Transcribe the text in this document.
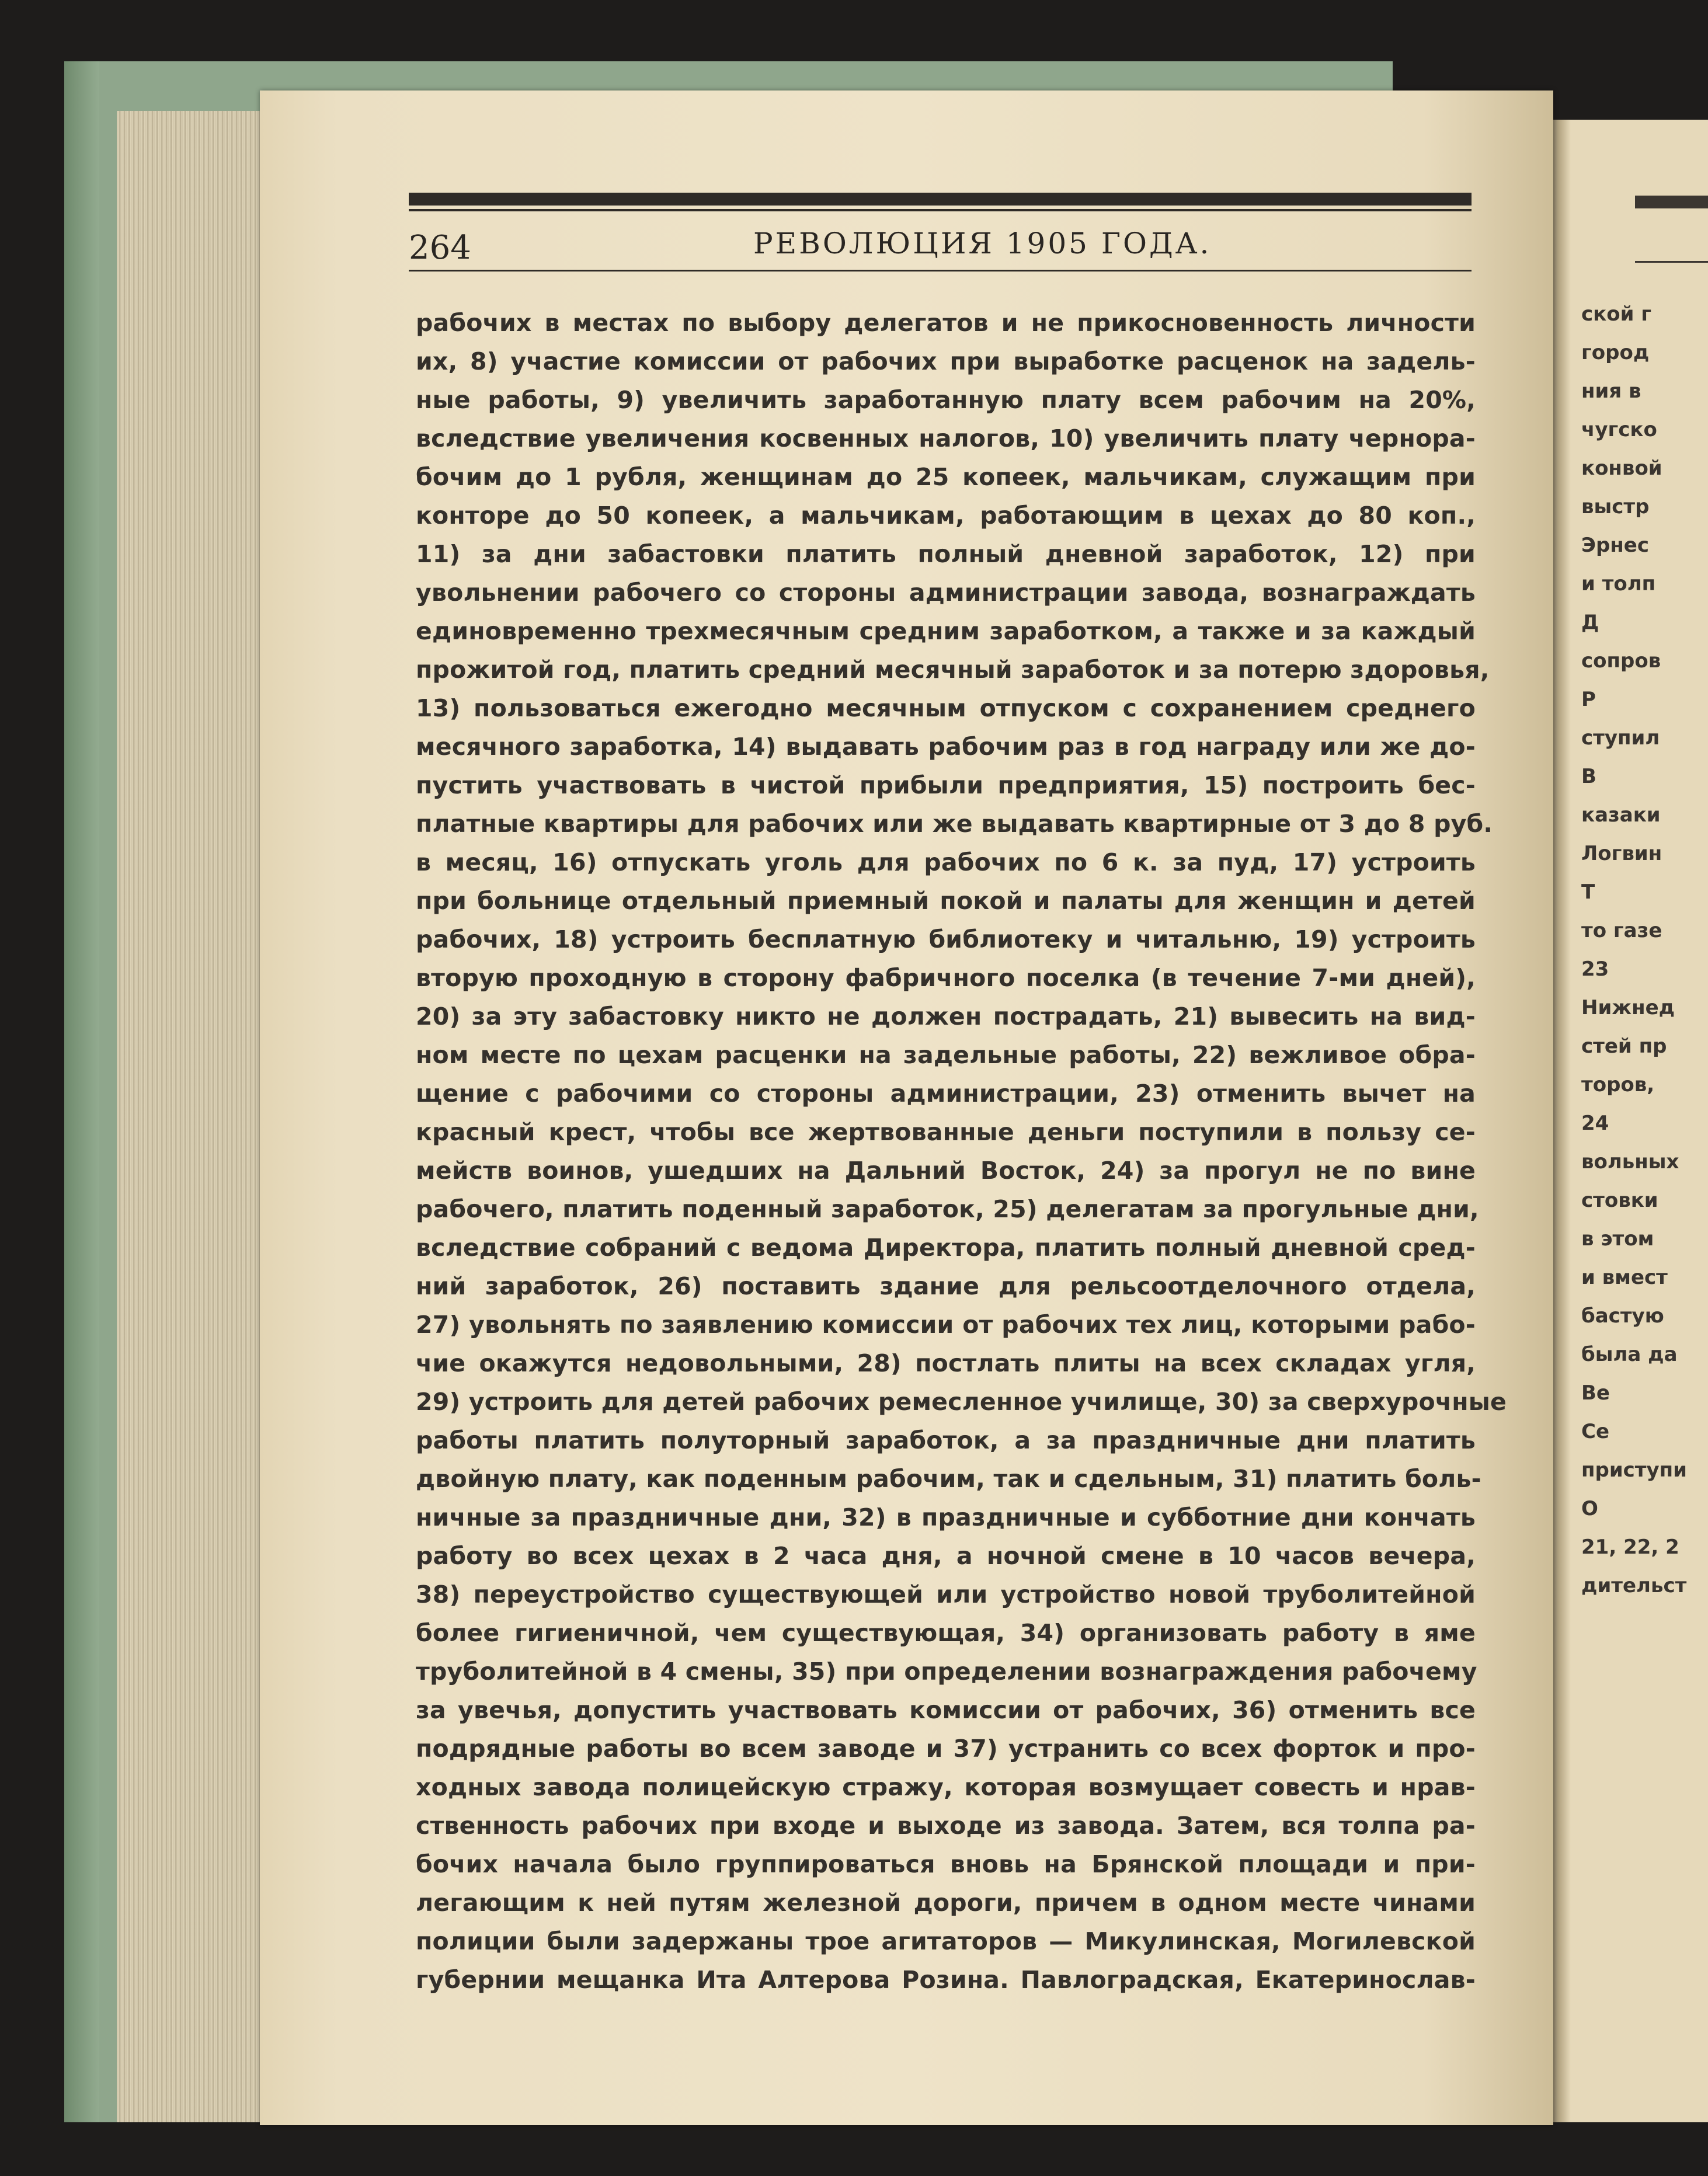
ской г
город
ния в
чугско
конвой
выстр
Эрнес
и толп
Д
сопров
Р
ступил
В
казаки
Логвин
Т
то газе
23
Нижнед
стей пр
торов,
24
вольных
стовки
в этом
и вмест
бастую
была да
Ве
Се
приступи
О
21, 22, 2
дительст
264	РЕВОЛЮЦИЯ 1905 ГОДА.
рабочих в местах по выбору делегатов и не прикосновенность личности
их, 8) участие комиссии от рабочих при выработке расценок на задель-
ные работы, 9) увеличить заработанную плату всем рабочим на 20%,
вследствие увеличения косвенных налогов, 10) увеличить плату чернора-
бочим до 1 рубля, женщинам до 25 копеек, мальчикам, служащим при
конторе до 50 копеек, а мальчикам, работающим в цехах до 80 коп.,
11) за дни забастовки платить полный дневной заработок, 12) при
увольнении рабочего со стороны администрации завода, вознаграждать
единовременно трехмесячным средним заработком, а также и за каждый
прожитой год, платить средний месячный заработок и за потерю здоровья,
13) пользоваться ежегодно месячным отпуском с сохранением среднего
месячного заработка, 14) выдавать рабочим раз в год награду или же до-
пустить участвовать в чистой прибыли предприятия, 15) построить бес-
платные квартиры для рабочих или же выдавать квартирные от 3 до 8 руб.
в месяц, 16) отпускать уголь для рабочих по 6 к. за пуд, 17) устроить
при больнице отдельный приемный покой и палаты для женщин и детей
рабочих, 18) устроить бесплатную библиотеку и читальню, 19) устроить
вторую проходную в сторону фабричного поселка (в течение 7-ми дней),
20) за эту забастовку никто не должен пострадать, 21) вывесить на вид-
ном месте по цехам расценки на задельные работы, 22) вежливое обра-
щение с рабочими со стороны администрации, 23) отменить вычет на
красный крест, чтобы все жертвованные деньги поступили в пользу се-
мейств воинов, ушедших на Дальний Восток, 24) за прогул не по вине
рабочего, платить поденный заработок, 25) делегатам за прогульные дни,
вследствие собраний с ведома Директора, платить полный дневной сред-
ний заработок, 26) поставить здание для рельсоотделочного отдела,
27) увольнять по заявлению комиссии от рабочих тех лиц, которыми рабо-
чие окажутся недовольными, 28) постлать плиты на всех складах угля,
29) устроить для детей рабочих ремесленное училище, 30) за сверхурочные
работы платить полуторный заработок, а за праздничные дни платить
двойную плату, как поденным рабочим, так и сдельным, 31) платить боль-
ничные за праздничные дни, 32) в праздничные и субботние дни кончать
работу во всех цехах в 2 часа дня, а ночной смене в 10 часов вечера,
38) переустройство существующей или устройство новой труболитейной
более гигиеничной, чем существующая, 34) организовать работу в яме
труболитейной в 4 смены, 35) при определении вознаграждения рабочему
за увечья, допустить участвовать комиссии от рабочих, 36) отменить все
подрядные работы во всем заводе и 37) устранить со всех форток и про-
ходных завода полицейскую стражу, которая возмущает совесть и нрав-
ственность рабочих при входе и выходе из завода. Затем, вся толпа ра-
бочих начала было группироваться вновь на Брянской площади и при-
легающим к ней путям железной дороги, причем в одном месте чинами
полиции были задержаны трое агитаторов — Микулинская, Могилевской
губернии мещанка Ита Алтерова Розина. Павлоградская, Екатеринослав-
